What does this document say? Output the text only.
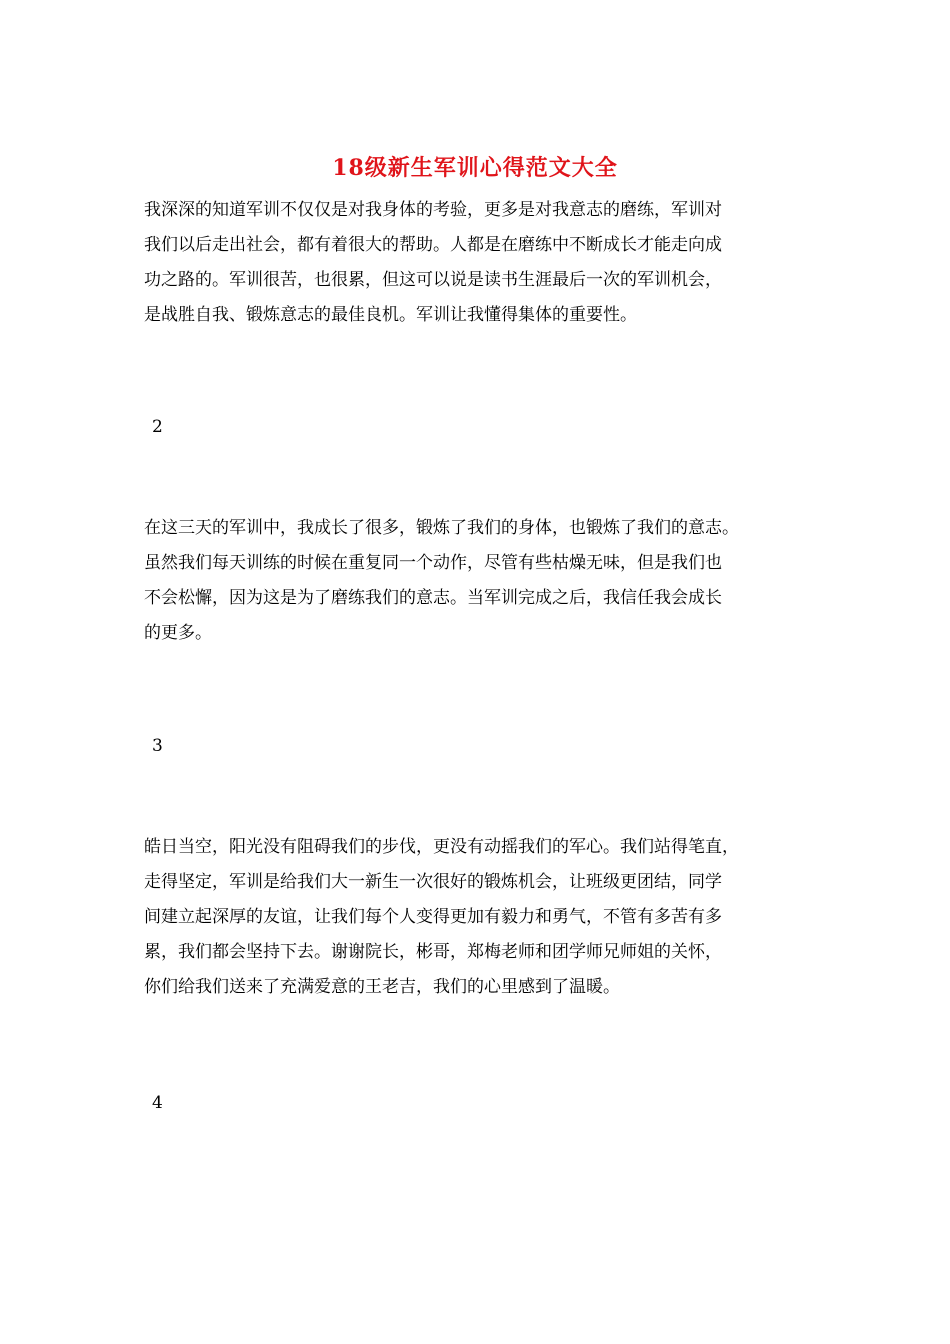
18级新生军训心得范文大全
我深深的知道军训不仅仅是对我身体的考验，更多是对我意志的磨练，军训对
我们以后走出社会，都有着很大的帮助。人都是在磨练中不断成长才能走向成
功之路的。军训很苦，也很累，但这可以说是读书生涯最后一次的军训机会，
是战胜自我、锻炼意志的最佳良机。军训让我懂得集体的重要性。
2
在这三天的军训中，我成长了很多，锻炼了我们的身体，也锻炼了我们的意志。
虽然我们每天训练的时候在重复同一个动作，尽管有些枯燥无味，但是我们也
不会松懈，因为这是为了磨练我们的意志。当军训完成之后，我信任我会成长
的更多。
3
皓日当空，阳光没有阻碍我们的步伐，更没有动摇我们的军心。我们站得笔直，
走得坚定，军训是给我们大一新生一次很好的锻炼机会，让班级更团结，同学
间建立起深厚的友谊，让我们每个人变得更加有毅力和勇气，不管有多苦有多
累，我们都会坚持下去。谢谢院长，彬哥，郑梅老师和团学师兄师姐的关怀，
你们给我们送来了充满爱意的王老吉，我们的心里感到了温暖。
4
